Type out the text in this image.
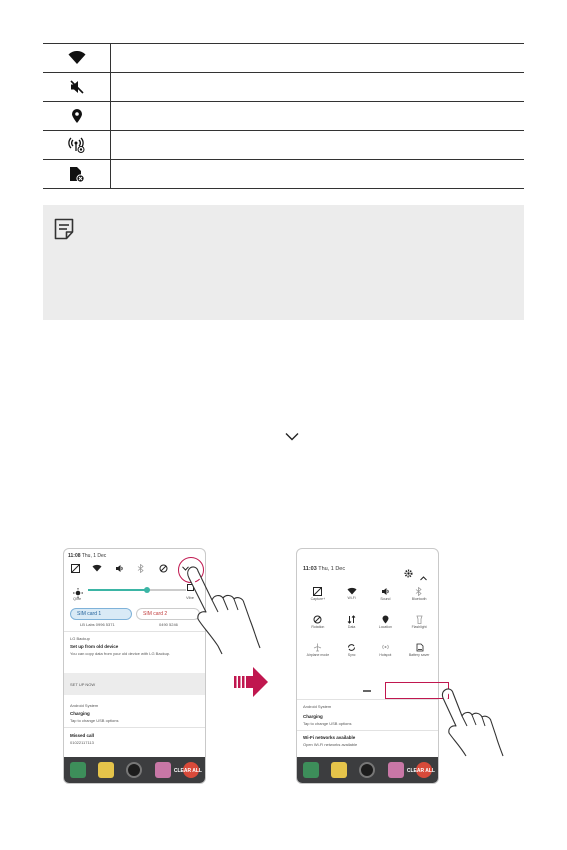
11:08 Thu, 1 Dec
Qlife	Vibe
SIM card 1	SIM card 2
LB Labs 0996 5371	0490 5246
LG Backup
Set up from old device
You can copy data from your old device with LG Backup.
SET UP NOW
Android System
Charging
Tap to change USB options
Missed call
01022117113
CLEAR ALL
11:03 Thu, 1 Dec
Capture+	Wi-Fi	Sound	Bluetooth
Rotation	Data	Location	Flashlight
Airplane mode	Sync	Hotspot	Battery saver
Android System
Charging
Tap to change USB options
Wi-Fi networks available
Open Wi-Fi networks available
CLEAR ALL
